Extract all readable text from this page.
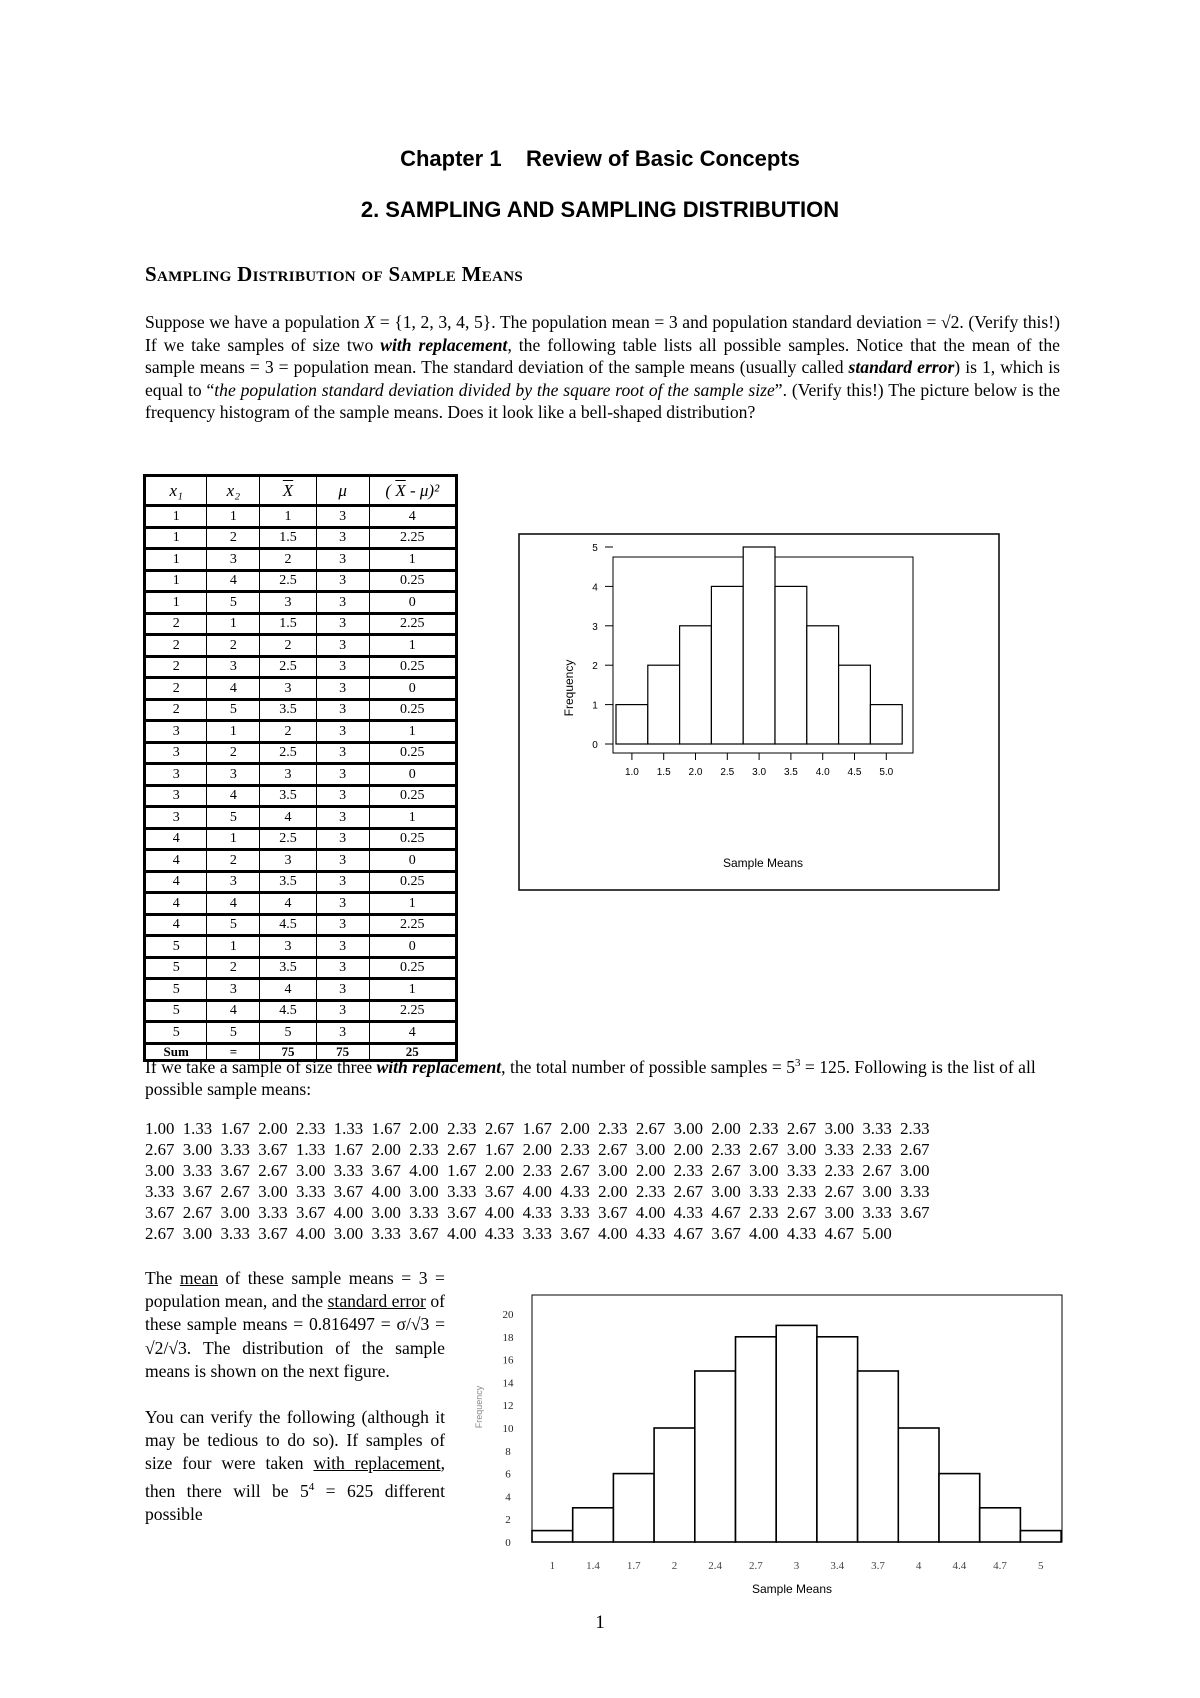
Chapter 1    Review of Basic Concepts
2. SAMPLING AND SAMPLING DISTRIBUTION
Sampling Distribution of Sample Means

Suppose we have a population X = {1, 2, 3, 4, 5}. The population mean = 3 and population standard deviation = √2. (Verify this!) If we take samples of size two with replacement, the following table lists all possible samples. Notice that the mean of the sample means = 3 = population mean. The standard deviation of the sample means (usually called standard error) is 1, which is equal to “the population standard deviation divided by the square root of the sample size”. (Verify this!) The picture below is the frequency histogram of the sample means. Does it look like a bell-shaped distribution?

x₁	x₂	$\overline{X}$	μ	( $\overline{X} - \mu)^2$
1	1	1	3	4
1	2	1.5	3	2.25
1	3	2	3	1
1	4	2.5	3	0.25
1	5	3	3	0
2	1	1.5	3	2.25
2	2	2	3	1
2	3	2.5	3	0.25
2	4	3	3	0
2	5	3.5	3	0.25
3	1	2	3	1
3	2	2.5	3	0.25
3	3	3	3	0
3	4	3.5	3	0.25
3	5	4	3	1
4	1	2.5	3	0.25
4	2	3	3	0
4	3	3.5	3	0.25
4	4	4	3	1
4	5	4.5	3	2.25
5	1	3	3	0
5	2	3.5	3	0.25
5	3	4	3	1
5	4	4.5	3	2.25
5	5	5	3	4
Sum	=	75	75	25
0
1
2
3
4
5
1.0 1.5 2.0 2.5 3.0 3.5 4.0 4.5 5.0
Sample Means
Frequency

If we take a sample of size three with replacement, the total number of possible samples = $5^3 = 125$. Following is the list of all possible sample means:

1.00  1.33  1.67  2.00  2.33  1.33  1.67  2.00  2.33  2.67  1.67  2.00  2.33  2.67  3.00  2.00  2.33  2.67  3.00  3.33  2.33
2.67  3.00  3.33  3.67  1.33  1.67  2.00  2.33  2.67  1.67  2.00  2.33  2.67  3.00  2.00  2.33  2.67  3.00  3.33  2.33  2.67
3.00  3.33  3.67  2.67  3.00  3.33  3.67  4.00  1.67  2.00  2.33  2.67  3.00  2.00  2.33  2.67  3.00  3.33  2.33  2.67  3.00
3.33  3.67  2.67  3.00  3.33  3.67  4.00  3.00  3.33  3.67  4.00  4.33  2.00  2.33  2.67  3.00  3.33  2.33  2.67  3.00  3.33
3.67  2.67  3.00  3.33  3.67  4.00  3.00  3.33  3.67  4.00  4.33  3.33  3.67  4.00  4.33  4.67  2.33  2.67  3.00  3.33  3.67
2.67  3.00  3.33  3.67  4.00  3.00  3.33  3.67  4.00  4.33  3.33  3.67  4.00  4.33  4.67  3.67  4.00  4.33  4.67  5.00

The mean of these sample means = 3 = population mean, and the standard error of these sample means = 0.816497 = σ/√3 = √2/√3. The distribution of the sample means is shown on the next figure.

You can verify the following (although it may be tedious to do so). If samples of size four were taken with replacement, then there will be $5^4 = 625$ different possible

0
2
4
6
8
10
12
14
16
18
20
1	1.4 1.7	2	2.4 2.7	3	3.4 3.7	4	4.4 4.7	5
Sample Means
Frequency
1
